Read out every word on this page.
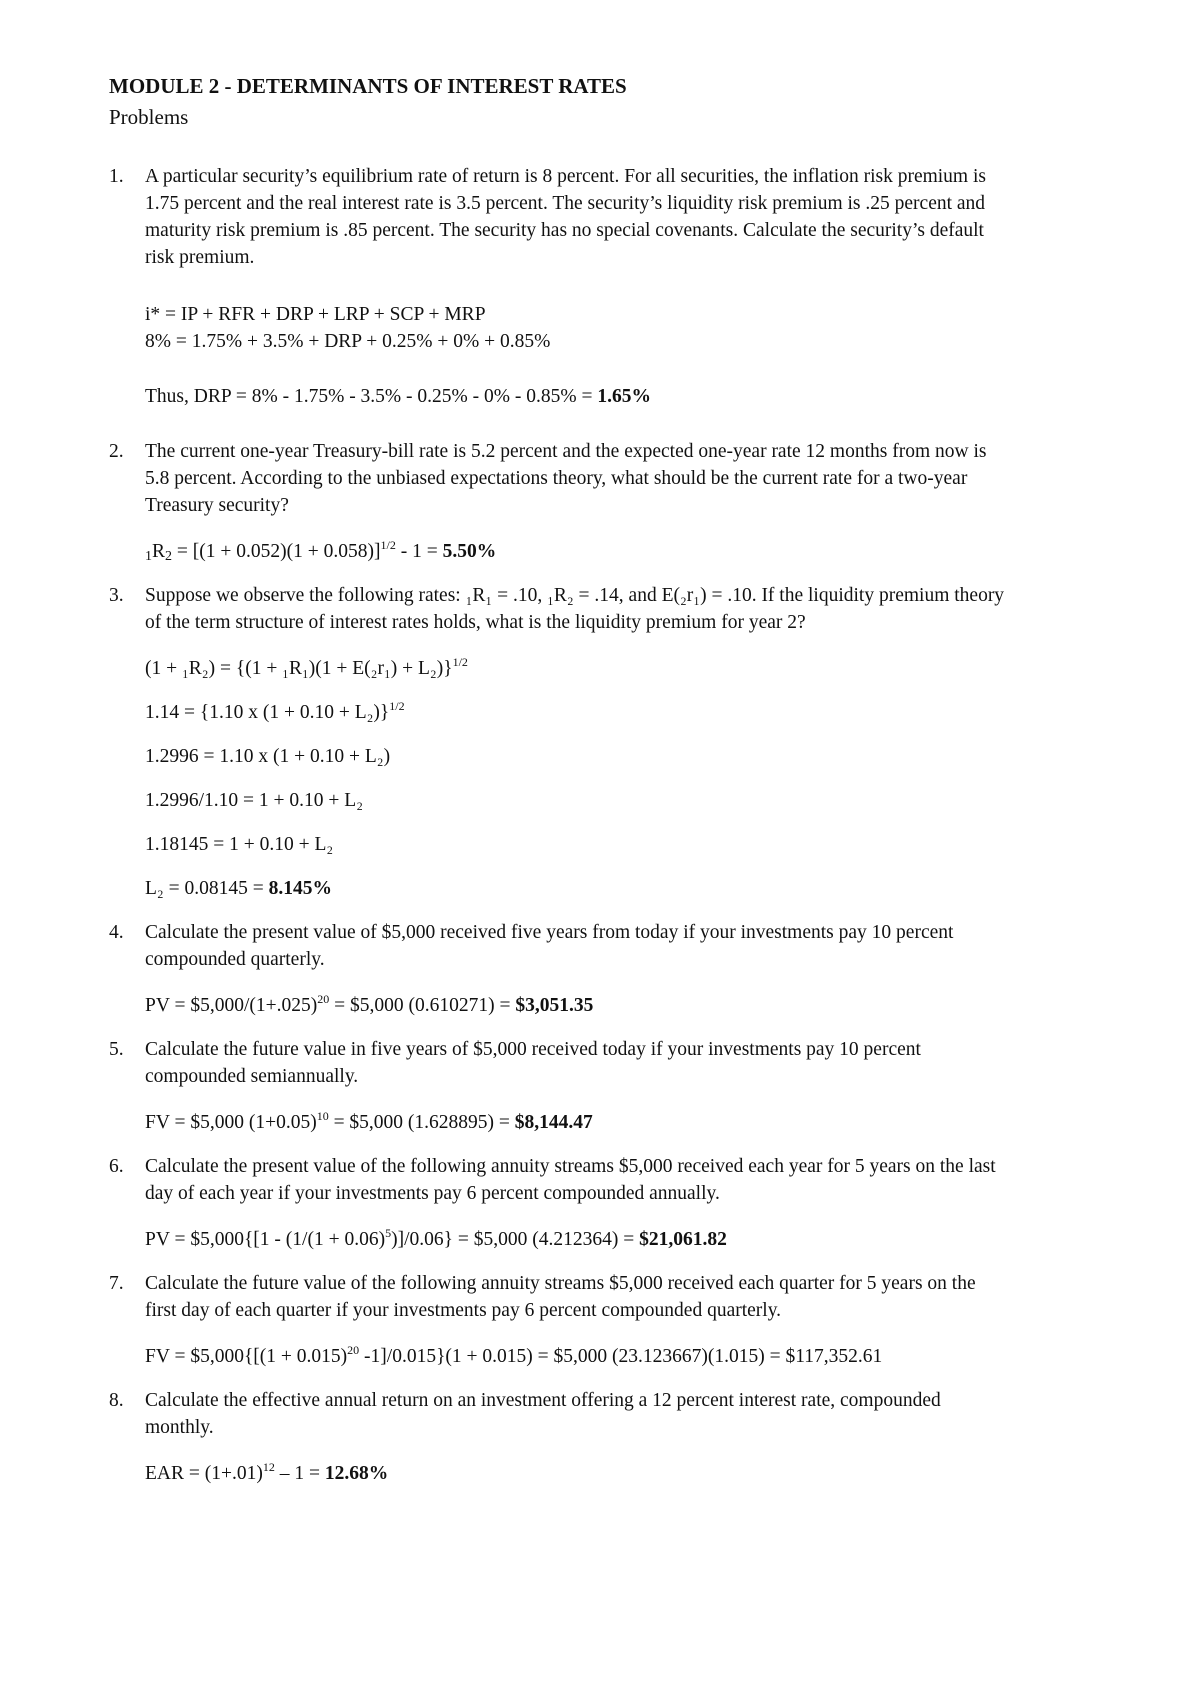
MODULE 2 - DETERMINANTS OF INTEREST RATES

Problems

1. A particular security’s equilibrium rate of return is 8 percent. For all securities, the inflation risk premium is

1.75 percent and the real interest rate is 3.5 percent. The security’s liquidity risk premium is .25 percent and

maturity risk premium is .85 percent. The security has no special covenants. Calculate the security’s default

risk premium.

i* = IP + RFR + DRP + LRP + SCP + MRP

8% = 1.75% + 3.5% + DRP + 0.25% + 0% + 0.85%

Thus, DRP = 8% - 1.75% - 3.5% - 0.25% - 0% - 0.85% = 1.65%

2. The current one-year Treasury-bill rate is 5.2 percent and the expected one-year rate 12 months from now is

5.8 percent. According to the unbiased expectations theory, what should be the current rate for a two-year

Treasury security?

$_1R_2 = [(1 + 0.052)(1 + 0.058)]^{1/2} - 1 = 5.50\%$

3. Suppose we observe the following rates: ₁R₁ = .10, ₁R₂ = .14, and E(₂r₁) = .10. If the liquidity premium theory

of the term structure of interest rates holds, what is the liquidity premium for year 2?

$(1 + _1R_2) = \{(1 + _1R_1)(1 + E(_2r_1) + L_2)\}^{1/2}$

1.14 = {1.10 x (1 + 0.10 + L₂)}$^{1/2}$

1.2996 = 1.10 x (1 + 0.10 + L₂)

1.2996/1.10 = 1 + 0.10 + L₂

1.18145 = 1 + 0.10 + L₂

L₂ = 0.08145 = 8.145%

4. Calculate the present value of $5,000 received five years from today if your investments pay 10 percent

compounded quarterly.

PV = $\$5,000/(1+.025)^{20}$ = $5,000 (0.610271) = $3,051.35

5. Calculate the future value in five years of $5,000 received today if your investments pay 10 percent

compounded semiannually.

FV = $5,000 $(1+0.05)^{10}$ = $5,000 (1.628895) = $8,144.47

6. Calculate the present value of the following annuity streams $5,000 received each year for 5 years on the last

day of each year if your investments pay 6 percent compounded annually.

PV = $5,000{[1 - $(1/(1 + 0.06)^5)]/0.06$} = $5,000 (4.212364) = $21,061.82

7. Calculate the future value of the following annuity streams $5,000 received each quarter for 5 years on the

first day of each quarter if your investments pay 6 percent compounded quarterly.

FV = $5,000{[(1 + 0.015)$^{20}$ -1]/0.015}(1 + 0.015) = $5,000 (23.123667)(1.015) = $117,352.61

8. Calculate the effective annual return on an investment offering a 12 percent interest rate, compounded

monthly.

EAR = $(1+.01)^{12} - 1 = 12.68\%$
